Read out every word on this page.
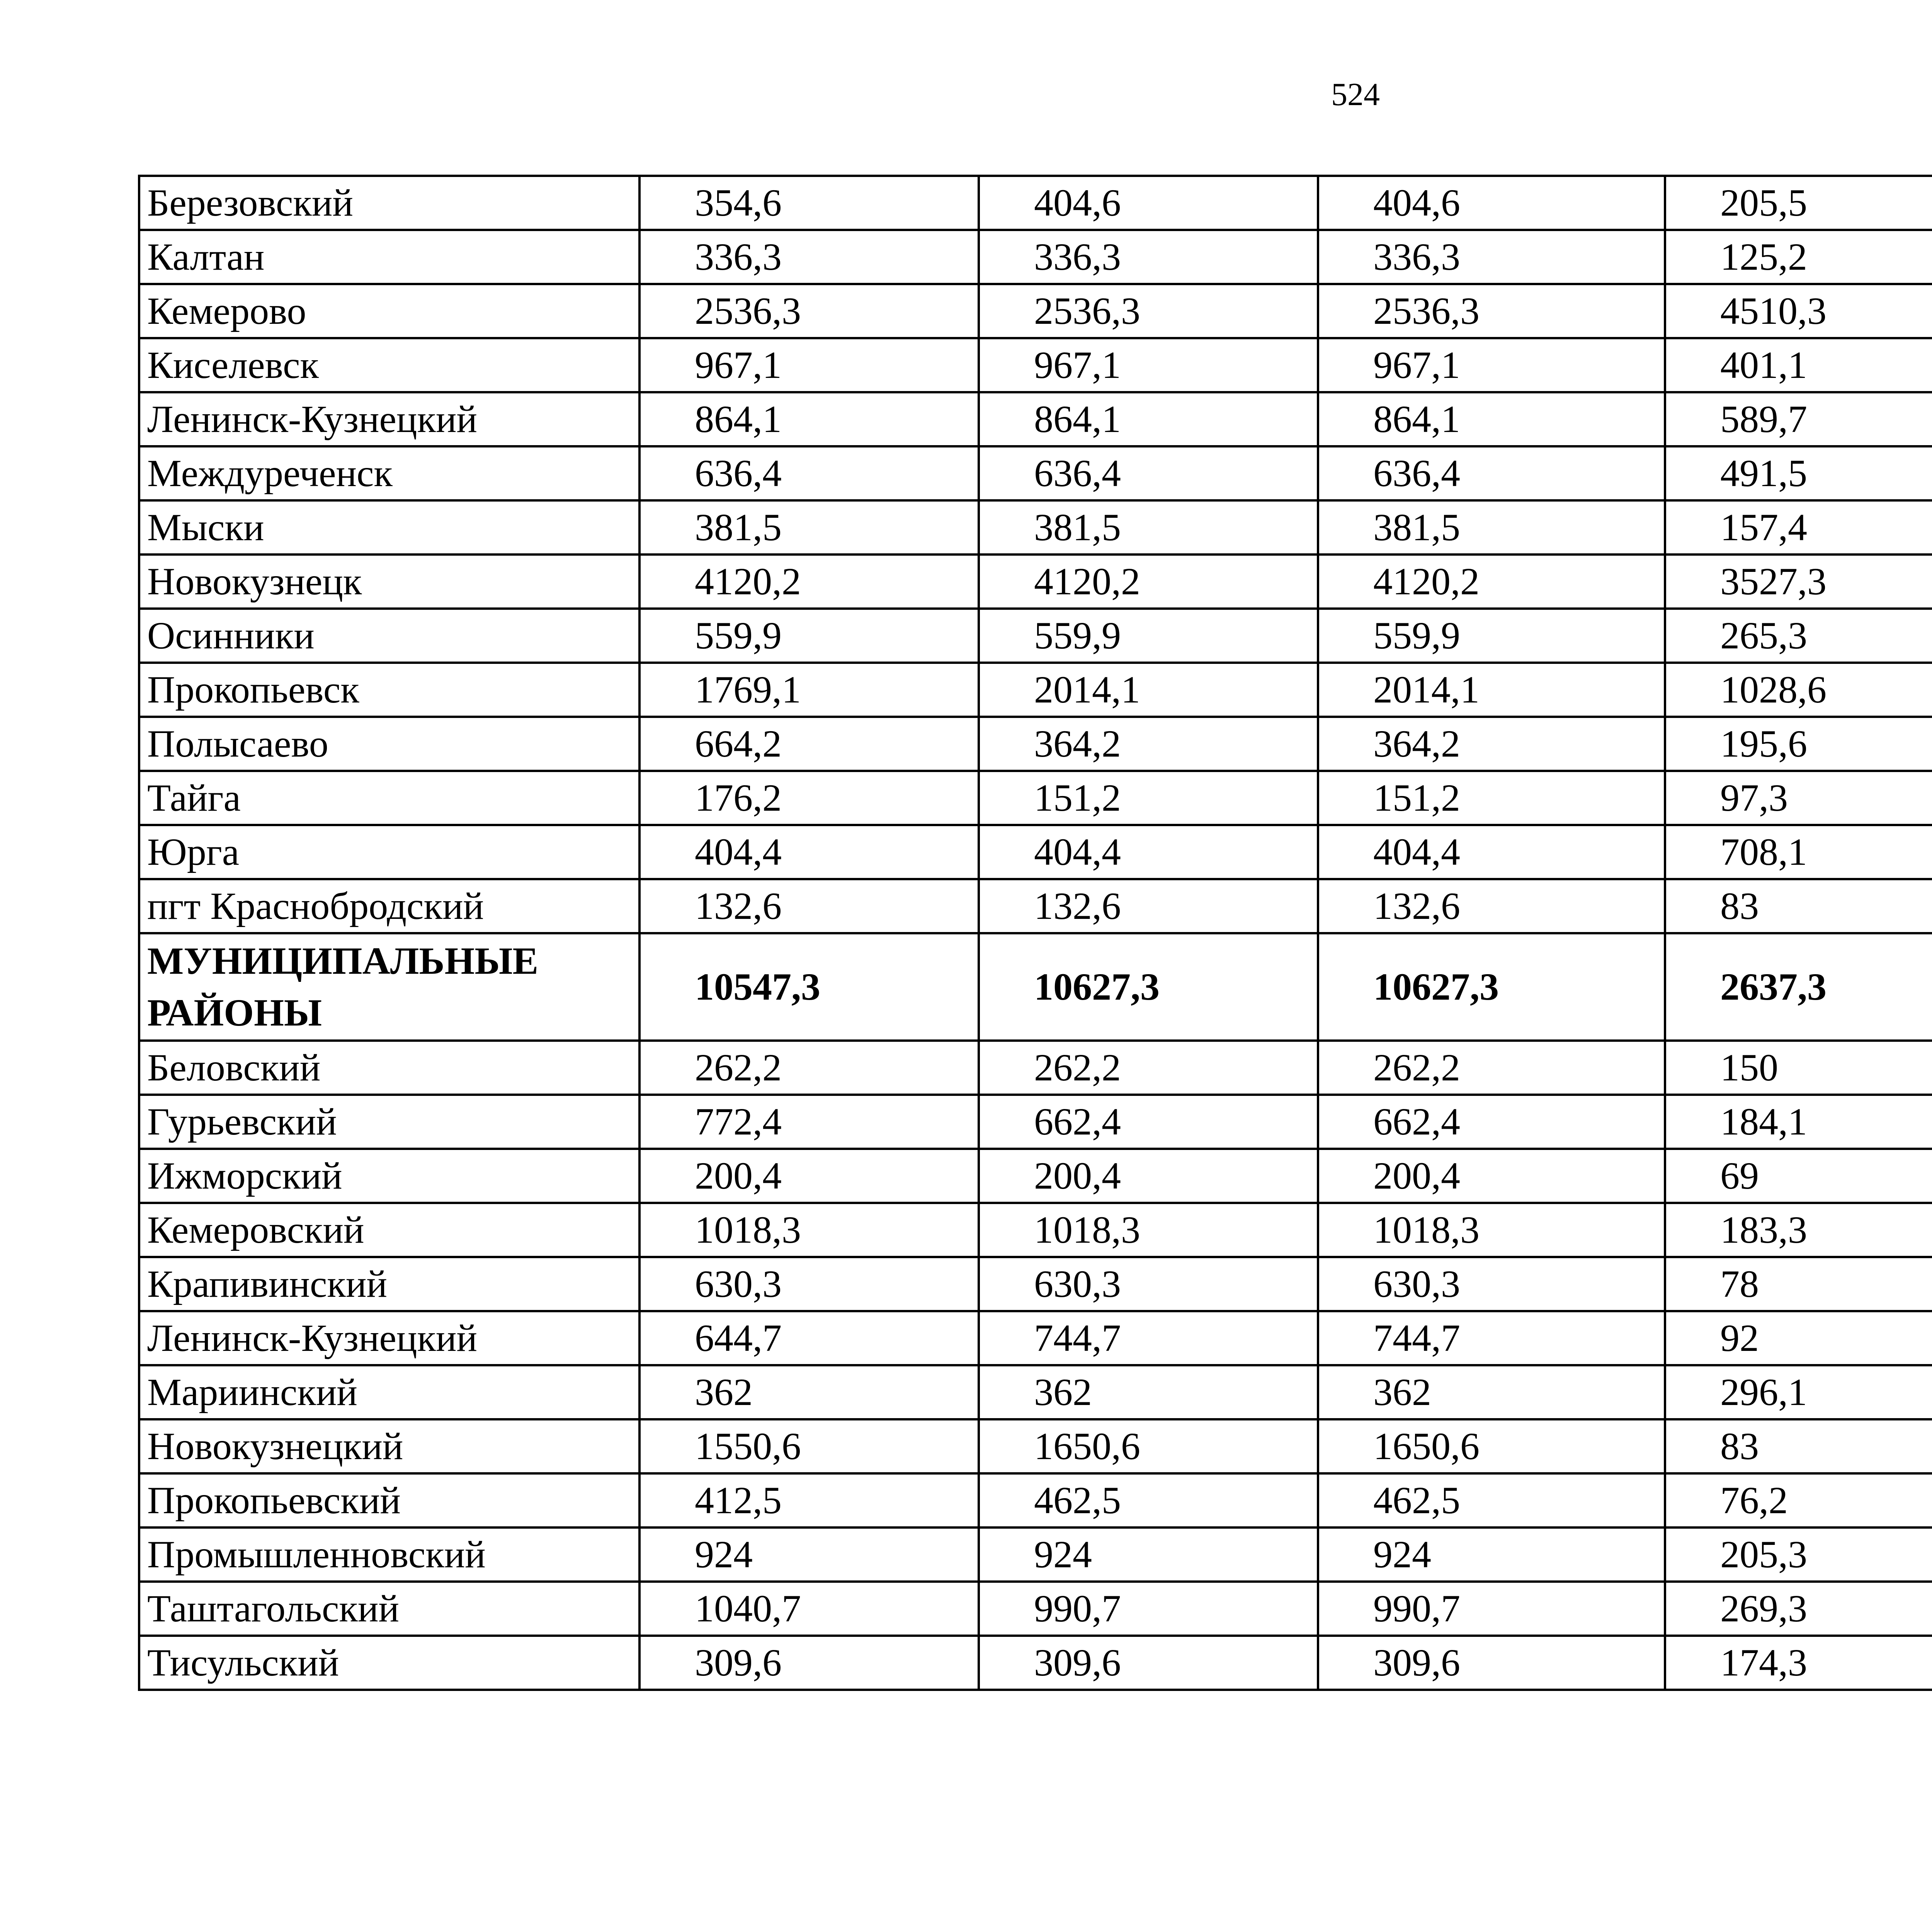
524
Березовский	354,6	404,6	404,6	205,5		
Калтан	336,3	336,3	336,3	125,2		
Кемерово	2536,3	2536,3	2536,3	4510,3		
Киселевск	967,1	967,1	967,1	401,1		
Ленинск-Кузнецкий	864,1	864,1	864,1	589,7		
Междуреченск	636,4	636,4	636,4	491,5		
Мыски	381,5	381,5	381,5	157,4		
Новокузнецк	4120,2	4120,2	4120,2	3527,3		
Осинники	559,9	559,9	559,9	265,3		
Прокопьевск	1769,1	2014,1	2014,1	1028,6		
Полысаево	664,2	364,2	364,2	195,6		
Тайга	176,2	151,2	151,2	97,3		
Юрга	404,4	404,4	404,4	708,1		
пгт Краснобродский	132,6	132,6	132,6	83		
МУНИЦИПАЛЬНЫЕ РАЙОНЫ	10547,3	10627,3	10627,3	2637,3		
Беловский	262,2	262,2	262,2	150		
Гурьевский	772,4	662,4	662,4	184,1		
Ижморский	200,4	200,4	200,4	69		
Кемеровский	1018,3	1018,3	1018,3	183,3		
Крапивинский	630,3	630,3	630,3	78		
Ленинск-Кузнецкий	644,7	744,7	744,7	92		
Мариинский	362	362	362	296,1		
Новокузнецкий	1550,6	1650,6	1650,6	83		
Прокопьевский	412,5	462,5	462,5	76,2		
Промышленновский	924	924	924	205,3		
Таштагольский	1040,7	990,7	990,7	269,3		
Тисульский	309,6	309,6	309,6	174,3		
